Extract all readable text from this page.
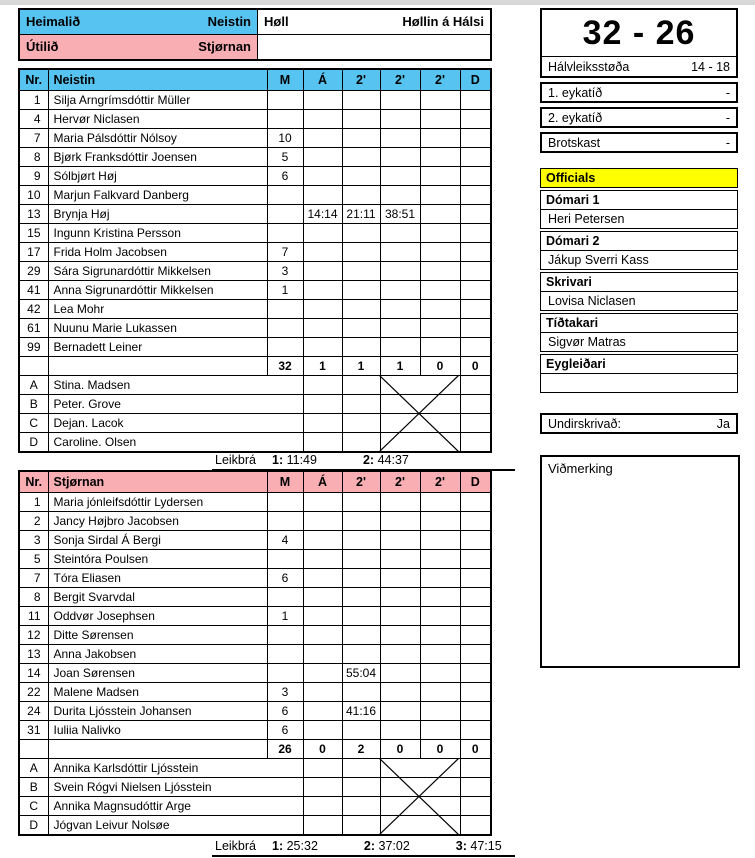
Heimalið	Neistin Høll	Høllin á Hálsi
Útilið	Stjørnan
Nr.	Neistin	M	Á	2'	2'	2'	D
1	Silja Arngrímsdóttir Müller						
4	Hervør Niclasen						
7	Maria Pálsdóttir Nólsoy	10					
8	Bjørk Franksdóttir Joensen	5					
9	Sólbjørt Høj	6					
10	Marjun Falkvard Danberg						
13	Brynja Høj		14:14	21:11	38:51		
15	Ingunn Kristina Persson						
17	Frida Holm Jacobsen	7					
29	Sára Sigrunardóttir Mikkelsen	3					
41	Anna Sigrunardóttir Mikkelsen	1					
42	Lea Mohr						
61	Nuunu Marie Lukassen						
99	Bernadett Leiner						
		32	1	1	1	0	0
A	Stina. Madsen						
B	Peter. Grove						
C	Dejan. Lacok						
D	Caroline. Olsen						
Nr.	Stjørnan	M	Á	2'	2'	2'	D
1	Maria jónleifsdóttir Lydersen						
2	Jancy Højbro Jacobsen						
3	Sonja Sirdal Á Bergi	4					
5	Steintóra Poulsen						
7	Tóra Eliasen	6					
8	Bergit Svarvdal						
11	Oddvør Josephsen	1					
12	Ditte Sørensen						
13	Anna Jakobsen						
14	Joan Sørensen			55:04			
22	Malene Madsen	3					
24	Durita Ljósstein Johansen	6		41:16			
31	Iuliia Nalivko	6					
		26	0	2	0	0	0
A	Annika Karlsdóttir Ljósstein						
B	Svein Rógvi Nielsen Ljósstein						
C	Annika Magnsudóttir Arge						
D	Jógvan Leivur Nolsøe						
Leikbrá 1: 11:49	2: 44:37
Leikbrá 1: 25:32	2: 37:02	3: 47:15
32 - 26
Hálvleiksstøða	14 - 18
1. eykatíð	-
2. eykatíð	-
Brotskast	-
Officials
Dómari 1
Heri Petersen
Dómari 2
Jákup Sverri Kass
Skrivari
Lovisa Niclasen
Tíðtakari
Sigvør Matras
Eygleiðari
Undirskrivað:	Ja
Viðmerking
